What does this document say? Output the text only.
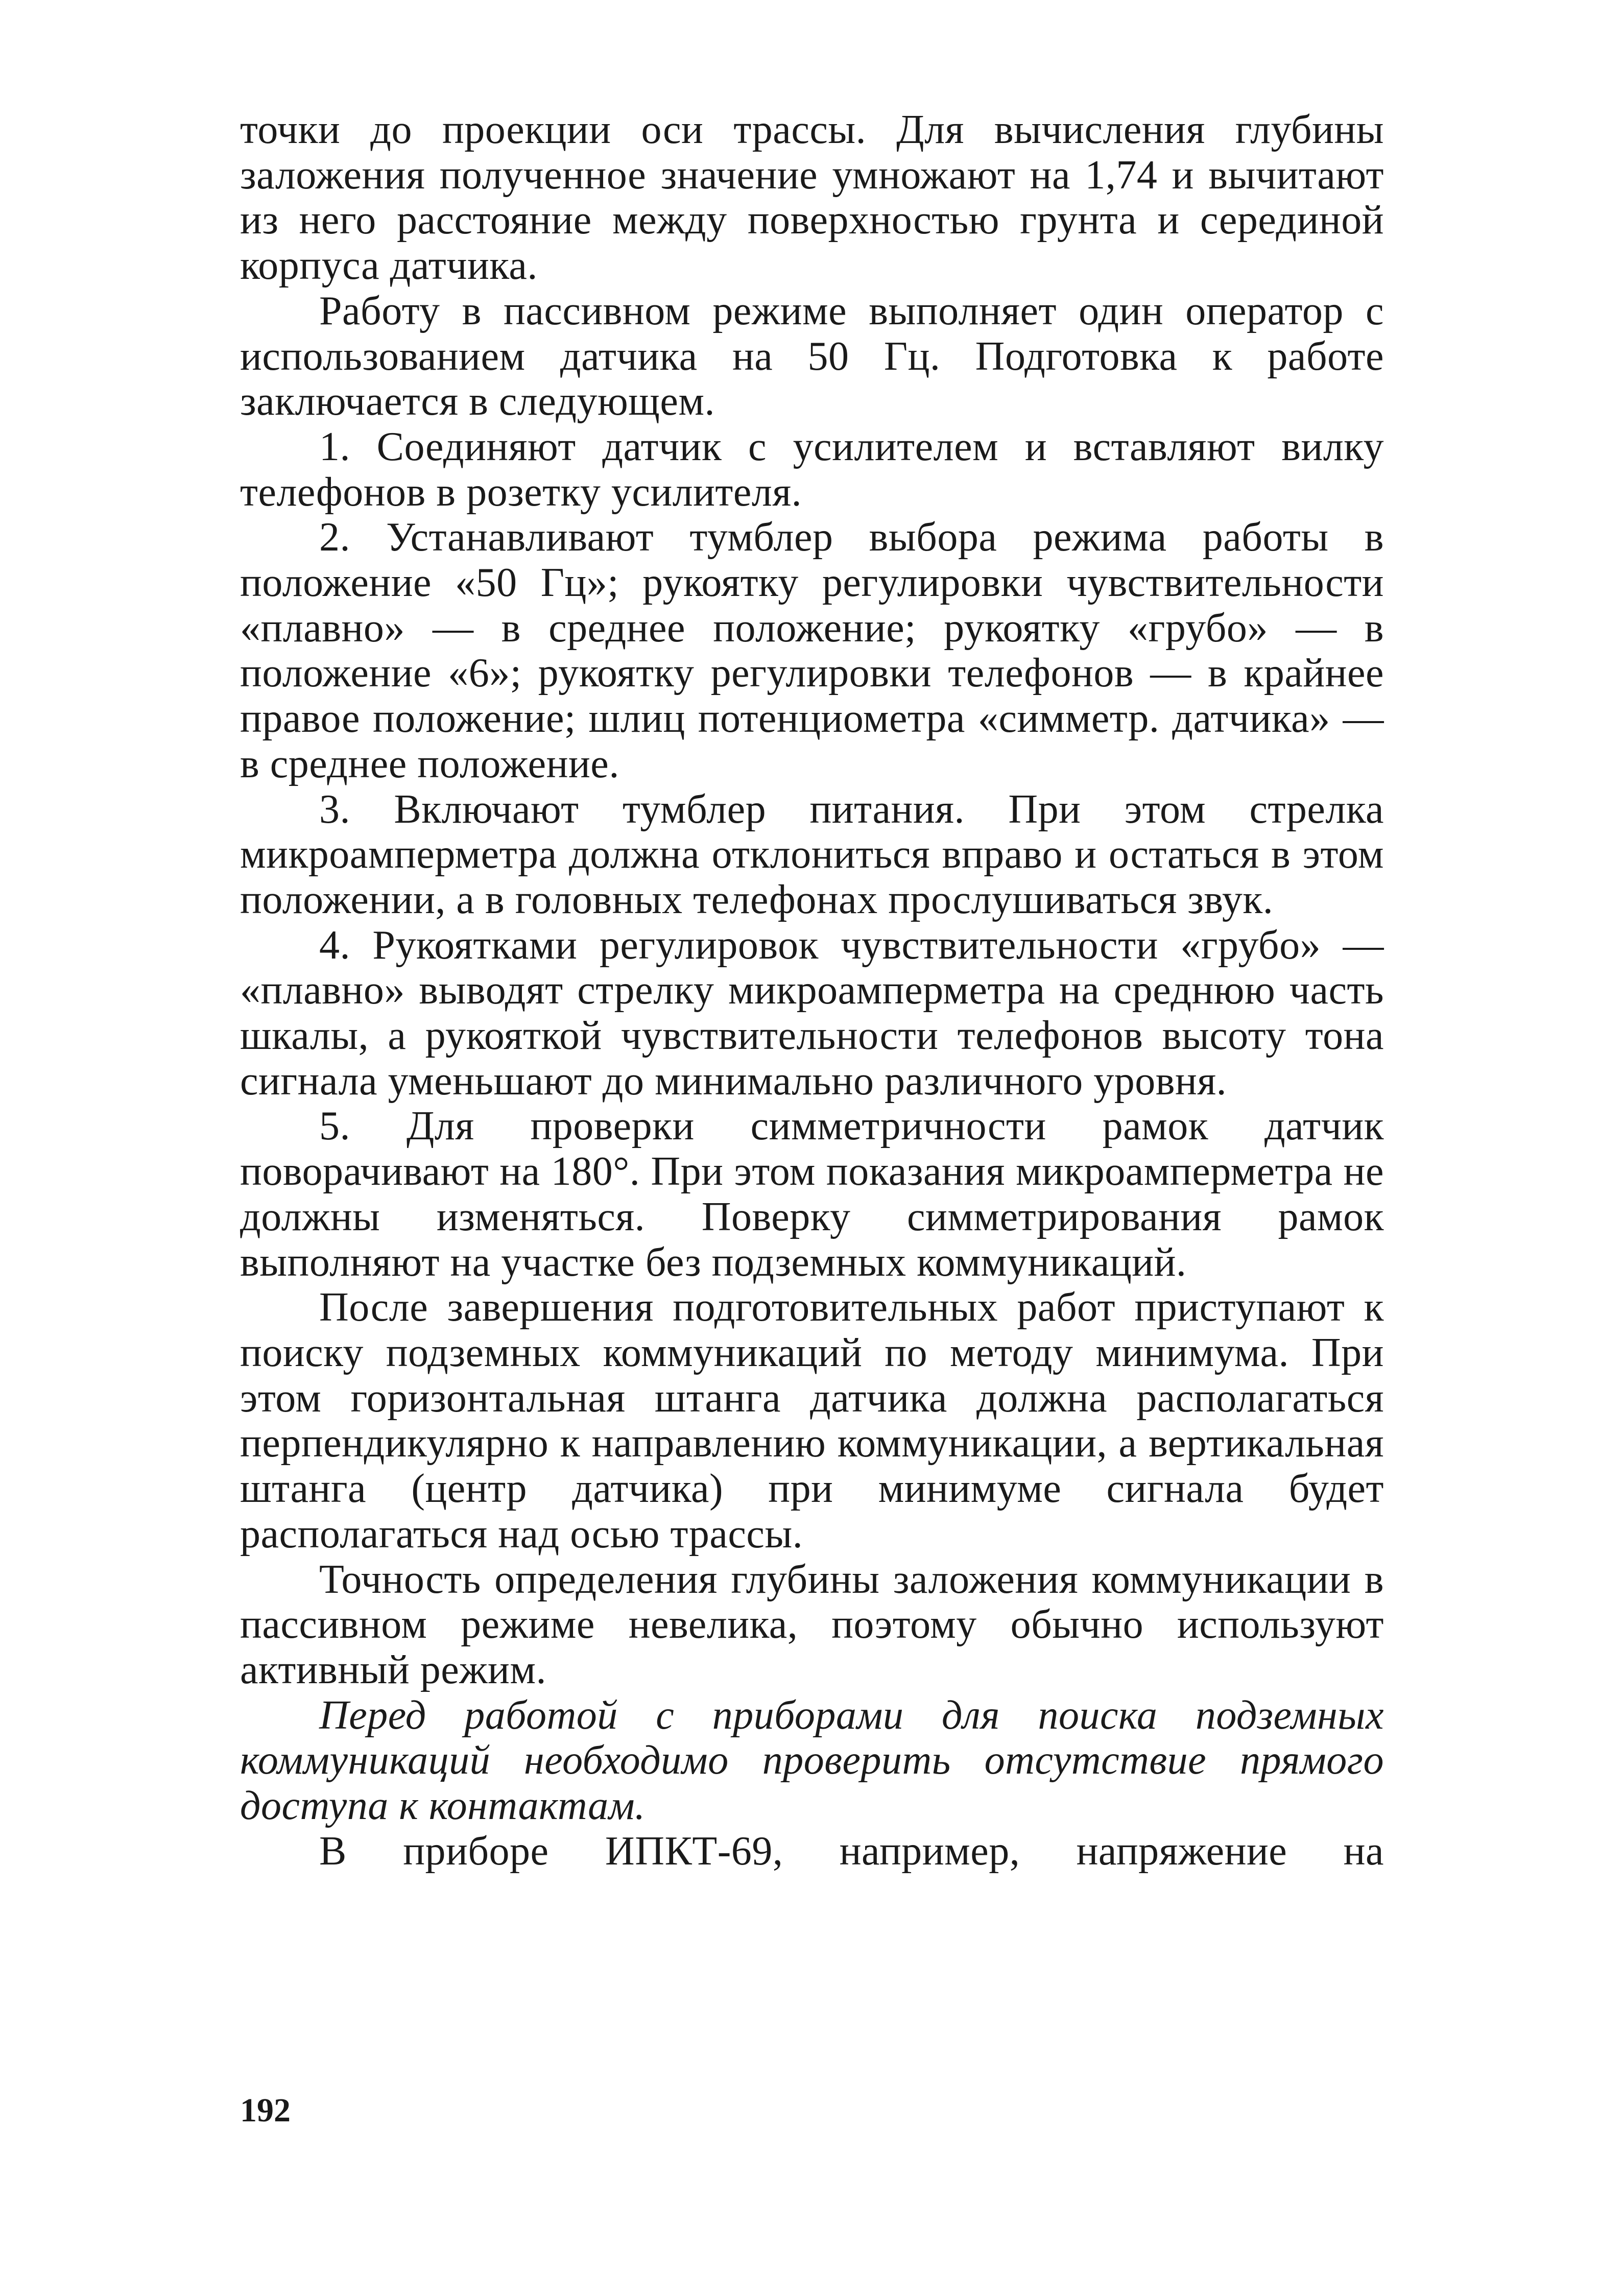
точки до проекции оси трассы. Для вычисления глубины заложения полученное значение умножают на 1,74 и вычитают из него расстояние между поверхностью грунта и серединой корпуса датчика.

Работу в пассивном режиме выполняет один оператор с использованием датчика на 50 Гц. Подготовка к работе заключается в следующем.

1. Соединяют датчик с усилителем и вставляют вилку телефонов в розетку усилителя.

2. Устанавливают тумблер выбора режима работы в положение «50 Гц»; рукоятку регулировки чувствительности «плавно» — в среднее положение; рукоятку «грубо» — в положение «6»; рукоятку регулировки телефонов — в крайнее правое положение; шлиц потенциометра «симметр. датчика» — в среднее положение.

3. Включают тумблер питания. При этом стрелка микроамперметра должна отклониться вправо и остаться в этом положении, а в головных телефонах прослушиваться звук.

4. Рукоятками регулировок чувствительности «грубо» — «плавно» выводят стрелку микроамперметра на среднюю часть шкалы, а рукояткой чувствительности телефонов высоту тона сигнала уменьшают до минимально различного уровня.

5. Для проверки симметричности рамок датчик поворачивают на 180°. При этом показания микроамперметра не должны изменяться. Поверку симметрирования рамок выполняют на участке без подземных коммуникаций.

После завершения подготовительных работ приступают к поиску подземных коммуникаций по методу минимума. При этом горизонтальная штанга датчика должна располагаться перпендикулярно к направлению коммуникации, а вертикальная штанга (центр датчика) при минимуме сигнала будет располагаться над осью трассы.

Точность определения глубины заложения коммуникации в пассивном режиме невелика, поэтому обычно используют активный режим.

Перед работой с приборами для поиска подземных коммуникаций необходимо проверить отсутствие прямого доступа к контактам.

В приборе ИПКТ-69, например, напряжение на

192
